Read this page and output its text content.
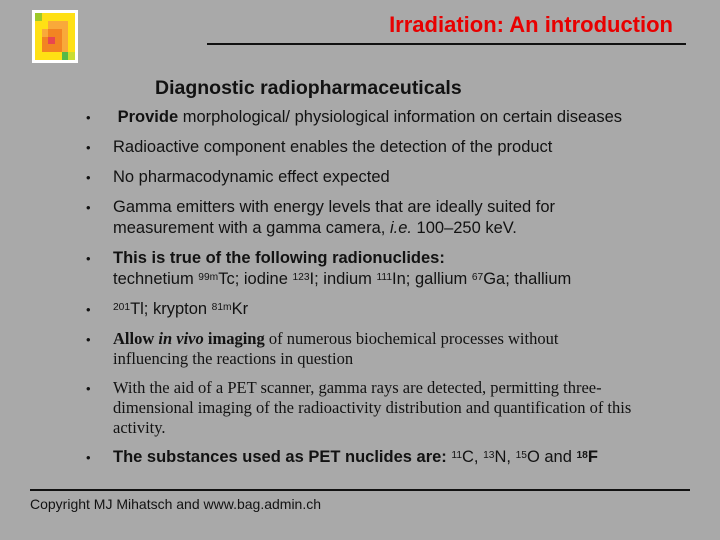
Irradiation: An introduction
Diagnostic radiopharmaceuticals
•	Provide morphological/ physiological information on certain diseases
•	Radioactive component enables the detection of the product
•	No pharmacodynamic effect expected
•	Gamma emitters with energy levels that are ideally suited for
measurement with a gamma camera, i.e. 100–250 keV.
•	This is true of the following radionuclides:
technetium $^{99m}$Tc; iodine $^{123}$I; indium $^{111}$In; gallium $^{67}$Ga; thallium
•	$^{201}$Tl; krypton $^{81m}$Kr
•	Allow in vivo imaging of numerous biochemical processes without
influencing the reactions in question
•	With the aid of a PET scanner, gamma rays are detected, permitting three-
dimensional imaging of the radioactivity distribution and quantification of this
activity.
•	The substances used as PET nuclides are: $^{11}$C, $^{13}$N, $^{15}$O and $^{18}$F
Copyright MJ Mihatsch and www.bag.admin.ch
